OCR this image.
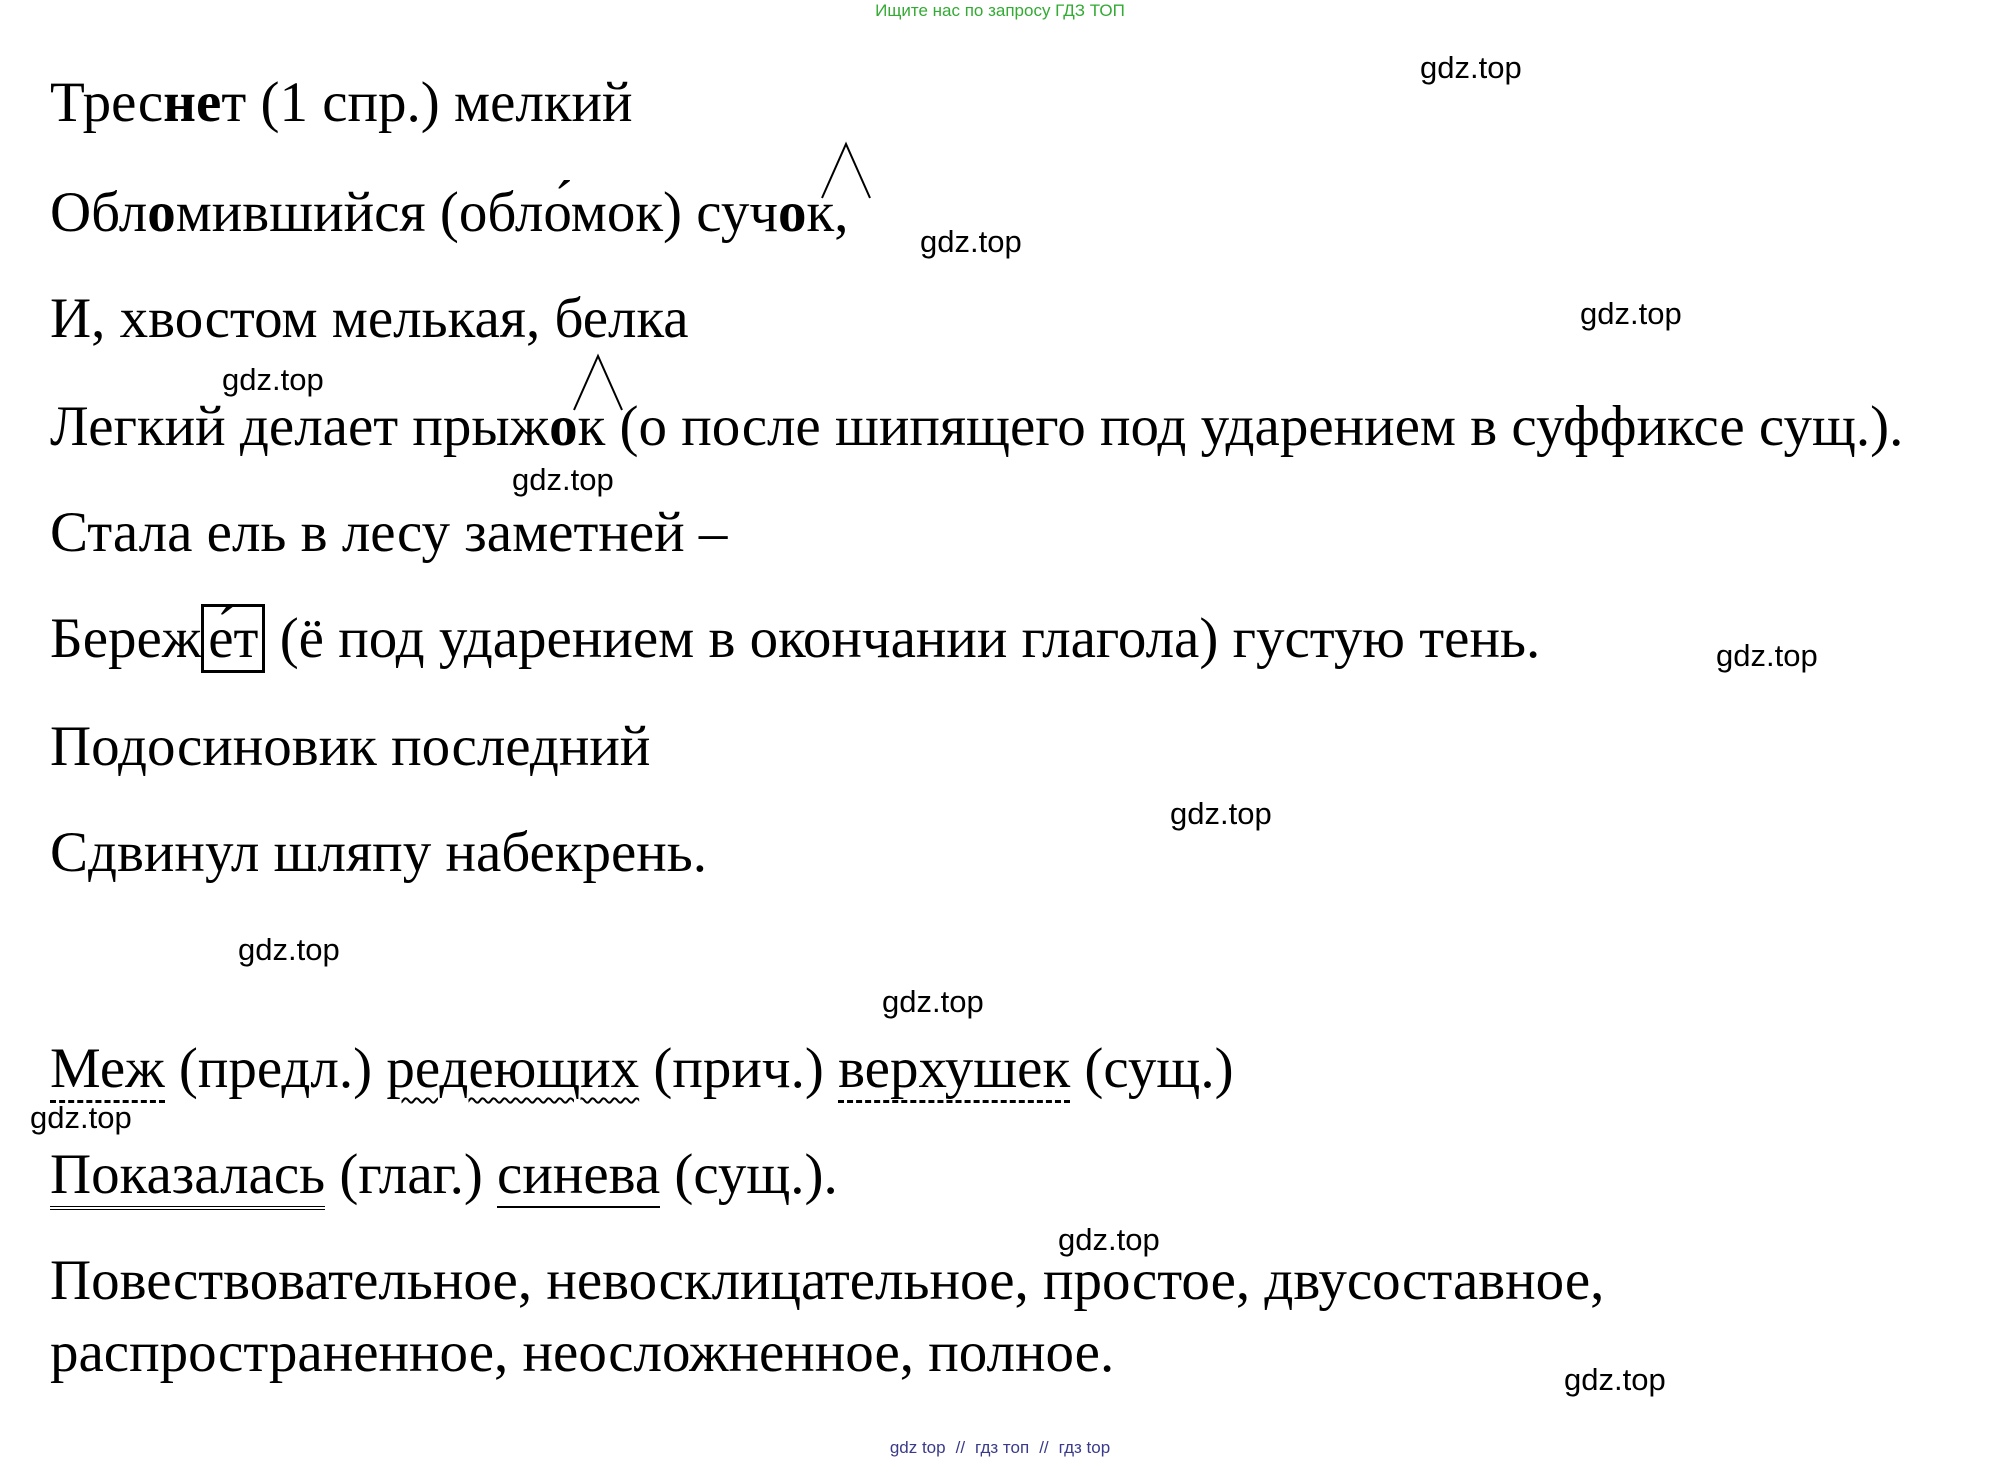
Ищите нас по запросу ГДЗ ТОП
Треснет (1 спр.) мелкий
Обломившийся (обло́мок) сучок,
И, хвостом мелькая, белка
Легкий делает прыжок (о после шипящего под ударением в суффиксе сущ.).
Стала ель в лесу заметней –
Береж е́т (ё под ударением в окончании глагола) густую тень.
Подосиновик последний
Сдвинул шляпу набекрень.
Меж (предл.) редеющих (прич.) верхушек (сущ.)
Показалась (глаг.) синева (сущ.).
Повествовательное, невосклицательное, простое, двусоставное,
распространенное, неосложненное, полное.
gdz.top
gdz.top
gdz.top
gdz.top
gdz.top
gdz.top
gdz.top
gdz.top
gdz.top
gdz.top
gdz.top
gdz.top
gdz top // гдз топ // гдз top
